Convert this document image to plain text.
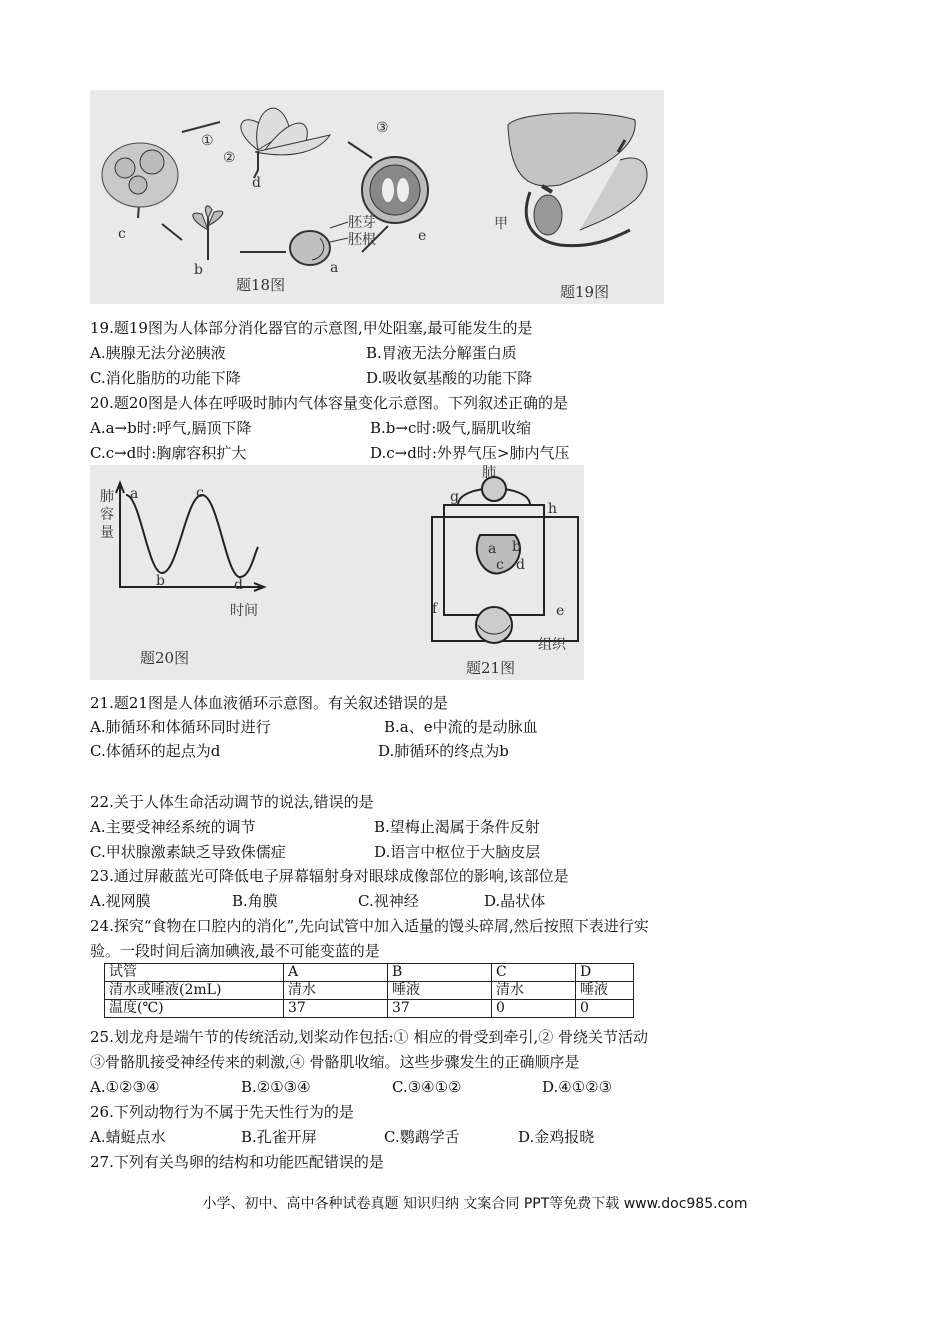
c
①
②
③
d
e
胚芽
胚根
a
b
题18图
甲
题19图
19.题19图为人体部分消化器官的示意图,甲处阻塞,最可能发生的是
A.胰腺无法分泌胰液	B.胃液无法分解蛋白质
C.消化脂肪的功能下降	D.吸收氨基酸的功能下降
20.题20图是人体在呼吸时肺内气体容量变化示意图。下列叙述正确的是
A.a→b时:呼气,膈顶下降	B.b→c时:吸气,膈肌收缩
C.c→d时:胸廓容积扩大	D.c→d时:外界气压>肺内气压
肺
容
量
时间
a
b
c
d
题20图
肺
g
h
a b
c d
e
f
组织
题21图
21.题21图是人体血液循环示意图。有关叙述错误的是
A.肺循环和体循环同时进行	B.a、e中流的是动脉血
C.体循环的起点为d	D.肺循环的终点为b
22.关于人体生命活动调节的说法,错误的是
A.主要受神经系统的调节	B.望梅止渴属于条件反射
C.甲状腺激素缺乏导致侏儒症	D.语言中枢位于大脑皮层
23.通过屏蔽蓝光可降低电子屏幕辐射身对眼球成像部位的影响,该部位是
A.视网膜	B.角膜	C.视神经	D.晶状体
24.探究“食物在口腔内的消化”,先向试管中加入适量的馒头碎屑,然后按照下表进行实
验。一段时间后滴加碘液,最不可能变蓝的是
试管	A	B	C	D
清水或唾液(2mL)	清水	唾液	清水	唾液
温度(℃)	37	37	0	0
25.划龙舟是端午节的传统活动,划桨动作包括:① 相应的骨受到牵引,② 骨绕关节活动
③骨骼肌接受神经传来的刺激,④ 骨骼肌收缩。这些步骤发生的正确顺序是
A.①②③④	B.②①③④	C.③④①②	D.④①②③
26.下列动物行为不属于先天性行为的是
A.蜻蜓点水	B.孔雀开屏	C.鹦鹉学舌	D.金鸡报晓
27.下列有关鸟卵的结构和功能匹配错误的是
小学、初中、高中各种试卷真题 知识归纳 文案合同 PPT等免费下载 www.doc985.com
